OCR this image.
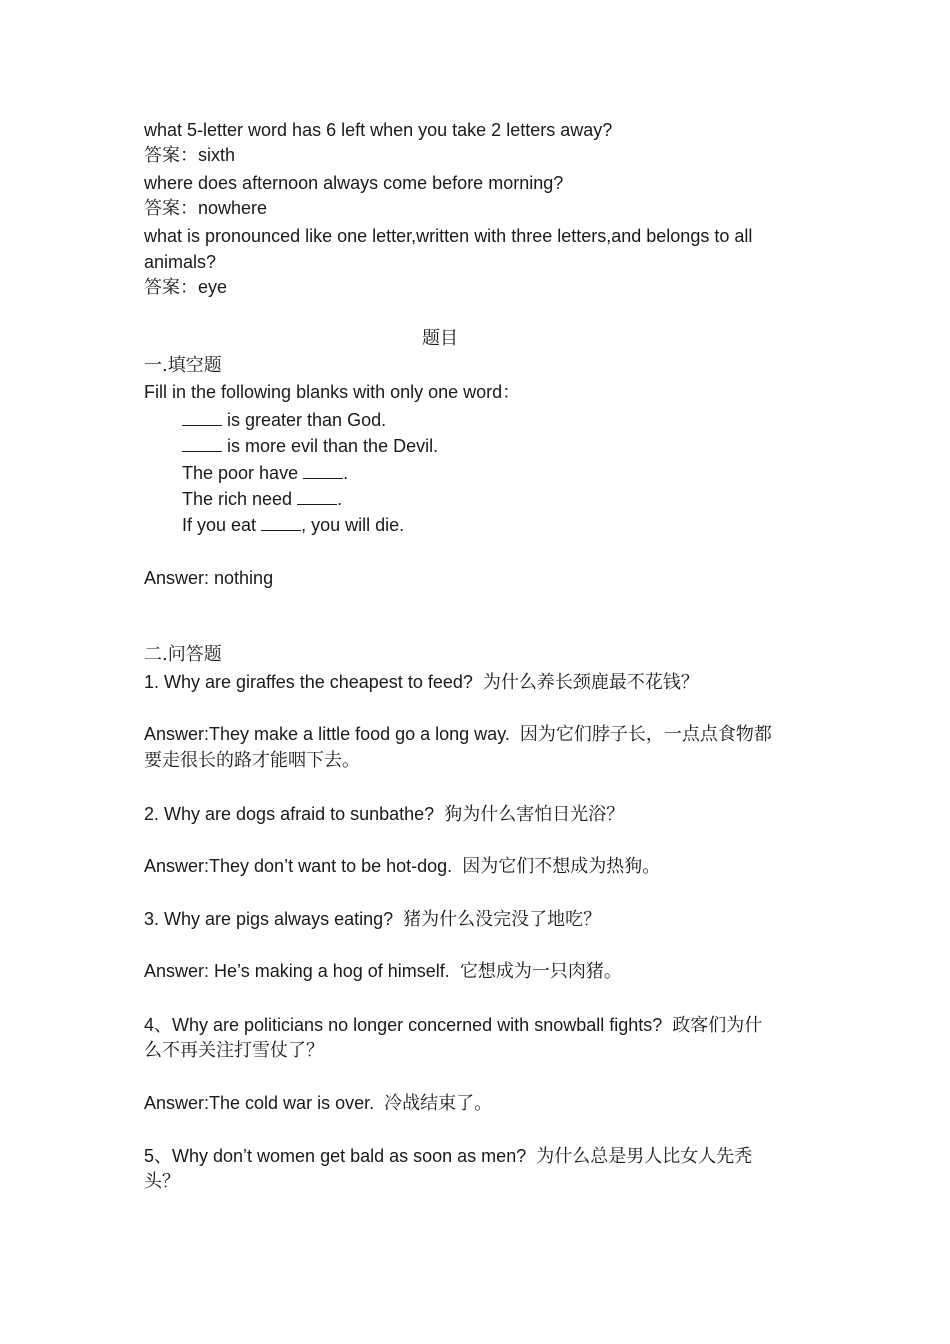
what 5-letter word has 6 left when you take 2 letters away?
答案：sixth
where does afternoon always come before morning?
答案：nowhere
what is pronounced like one letter,written with three letters,and belongs to all
animals?
答案：eye
题目
一.填空题
Fill in the following blanks with only one word：
is greater than God.
is more evil than the Devil.
The poor have .
The rich need .
If you eat , you will die.
Answer: nothing
二.问答题
1. Why are giraffes the cheapest to feed? 为什么养长颈鹿最不花钱？
Answer:They make a little food go a long way. 因为它们脖子长，一点点食物都
要走很长的路才能咽下去。
2. Why are dogs afraid to sunbathe? 狗为什么害怕日光浴？
Answer:They don’t want to be hot-dog. 因为它们不想成为热狗。
3. Why are pigs always eating? 猪为什么没完没了地吃？
Answer: He’s making a hog of himself. 它想成为一只肉猪。
4、Why are politicians no longer concerned with snowball fights? 政客们为什
么不再关注打雪仗了？
Answer:The cold war is over. 冷战结束了。
5、Why don’t women get bald as soon as men? 为什么总是男人比女人先秃
头？
